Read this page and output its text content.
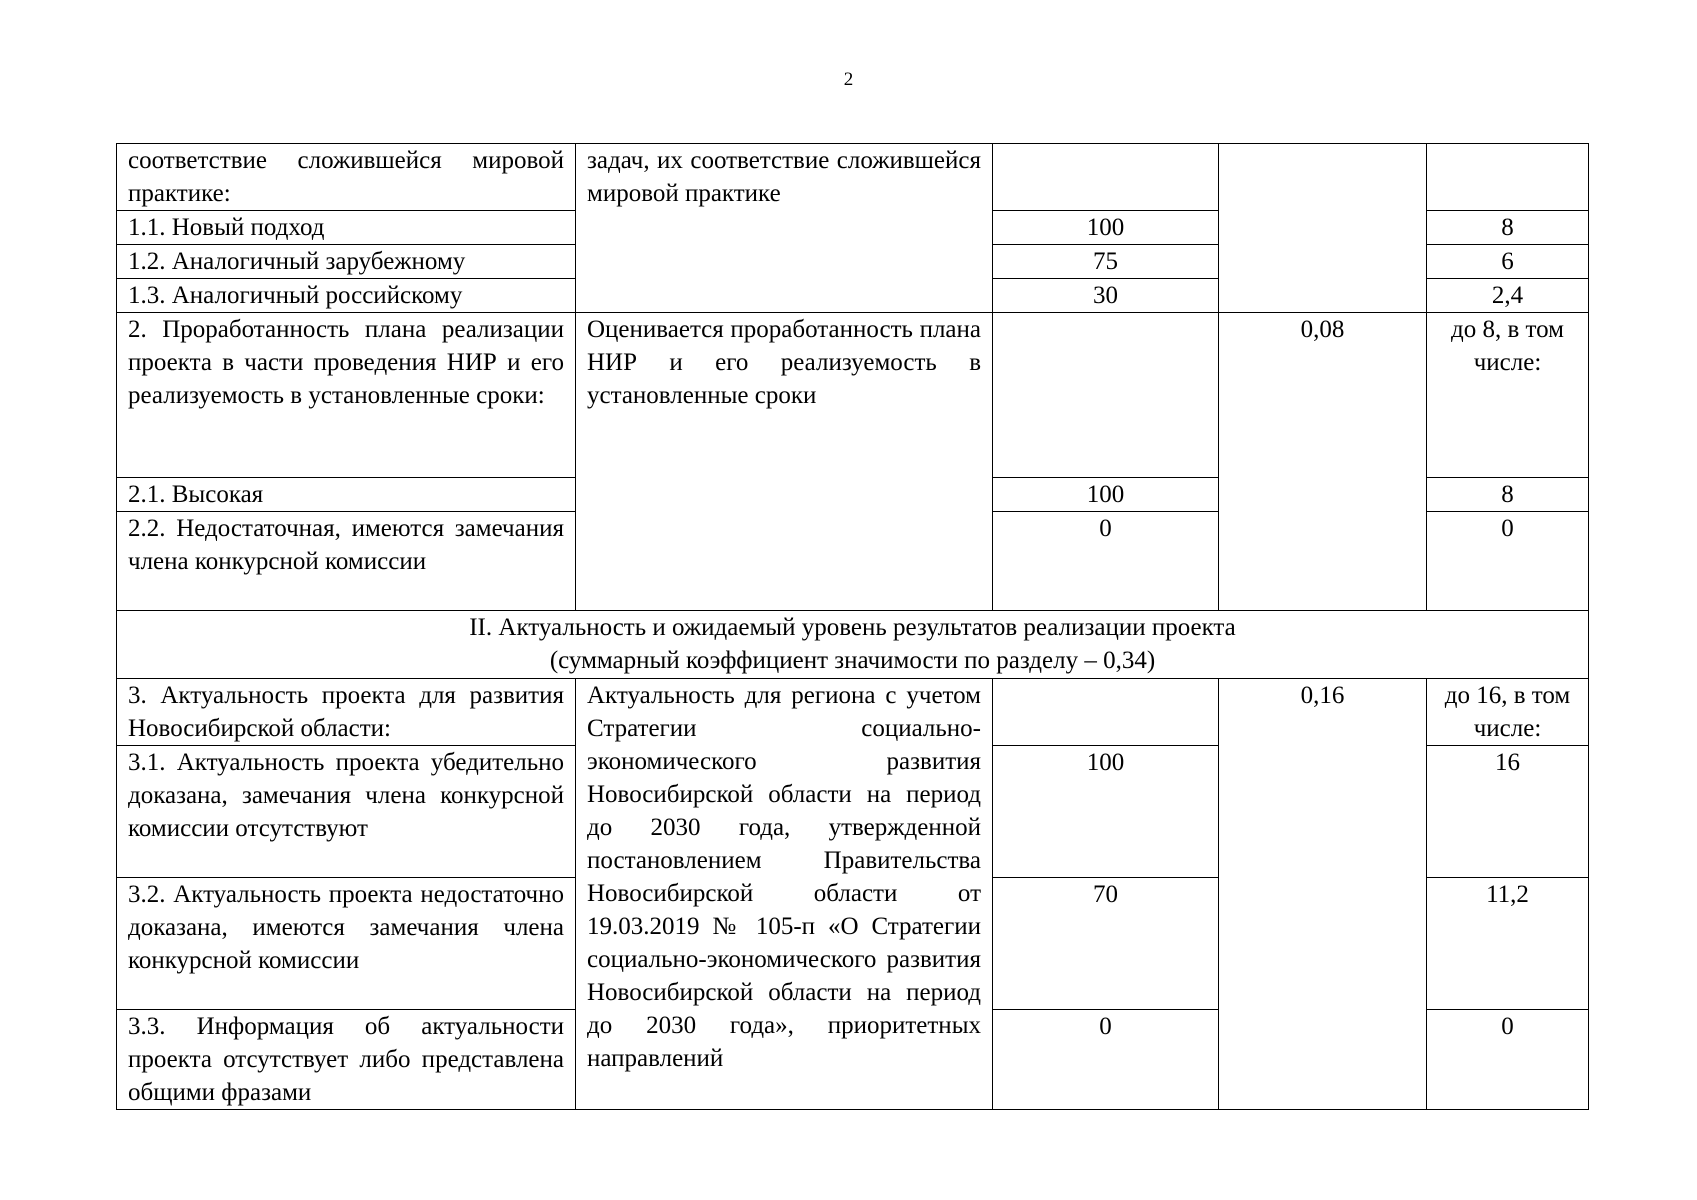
2
соответствие сложившейся мировой практике:	задач, их соответствие сложившейся мировой практике			
1.1. Новый подход		100		8
1.2. Аналогичный зарубежному		75		6
1.3. Аналогичный российскому		30		2,4
2. Проработанность плана реализации проекта в части проведения НИР и его реализуемость в установленные сроки:	Оценивается проработанность плана НИР и его реализуемость в установленные сроки		0,08	до 8, в том числе:
2.1. Высокая		100		8
2.2. Недостаточная, имеются замечания члена конкурсной комиссии		0		0

II. Актуальность и ожидаемый уровень результатов реализации проекта
(суммарный коэффициент значимости по разделу – 0,34)				

3. Актуальность проекта для развития Новосибирской области:	Актуальность для региона с учетом Стратегии социально-экономического развития Новосибирской области на период до 2030 года, утвержденной постановлением Правительства Новосибирской области от 19.03.2019 № 105-п «О Стратегии социально-экономического развития Новосибирской области на период до 2030 года», приоритетных направлений		0,16	до 16, в том числе:
3.1. Актуальность проекта убедительно доказана, замечания члена конкурсной комиссии отсутствуют		100		16
3.2. Актуальность проекта недостаточно доказана, имеются замечания члена конкурсной комиссии		70		11,2
3.3. Информация об актуальности проекта отсутствует либо представлена общими фразами		0		0
